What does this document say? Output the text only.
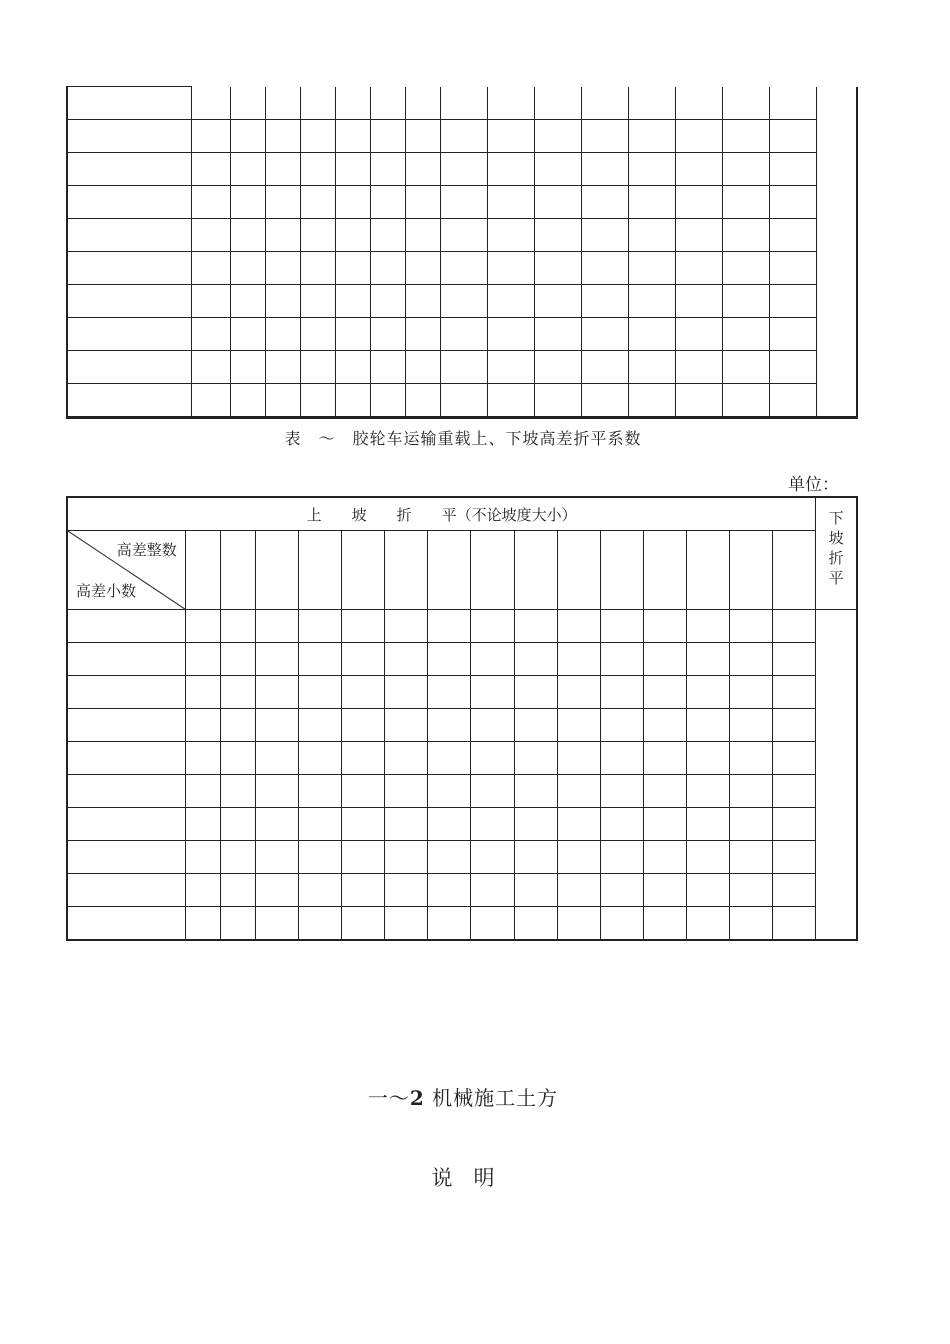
表　～　胶轮车运输重载上、下坡高差折平系数
单位：
上　　坡　　折　　平（不论坡度大小）																下
坡
折
平

高差整数
高差小数																

一～2 机械施工土方
说　明
